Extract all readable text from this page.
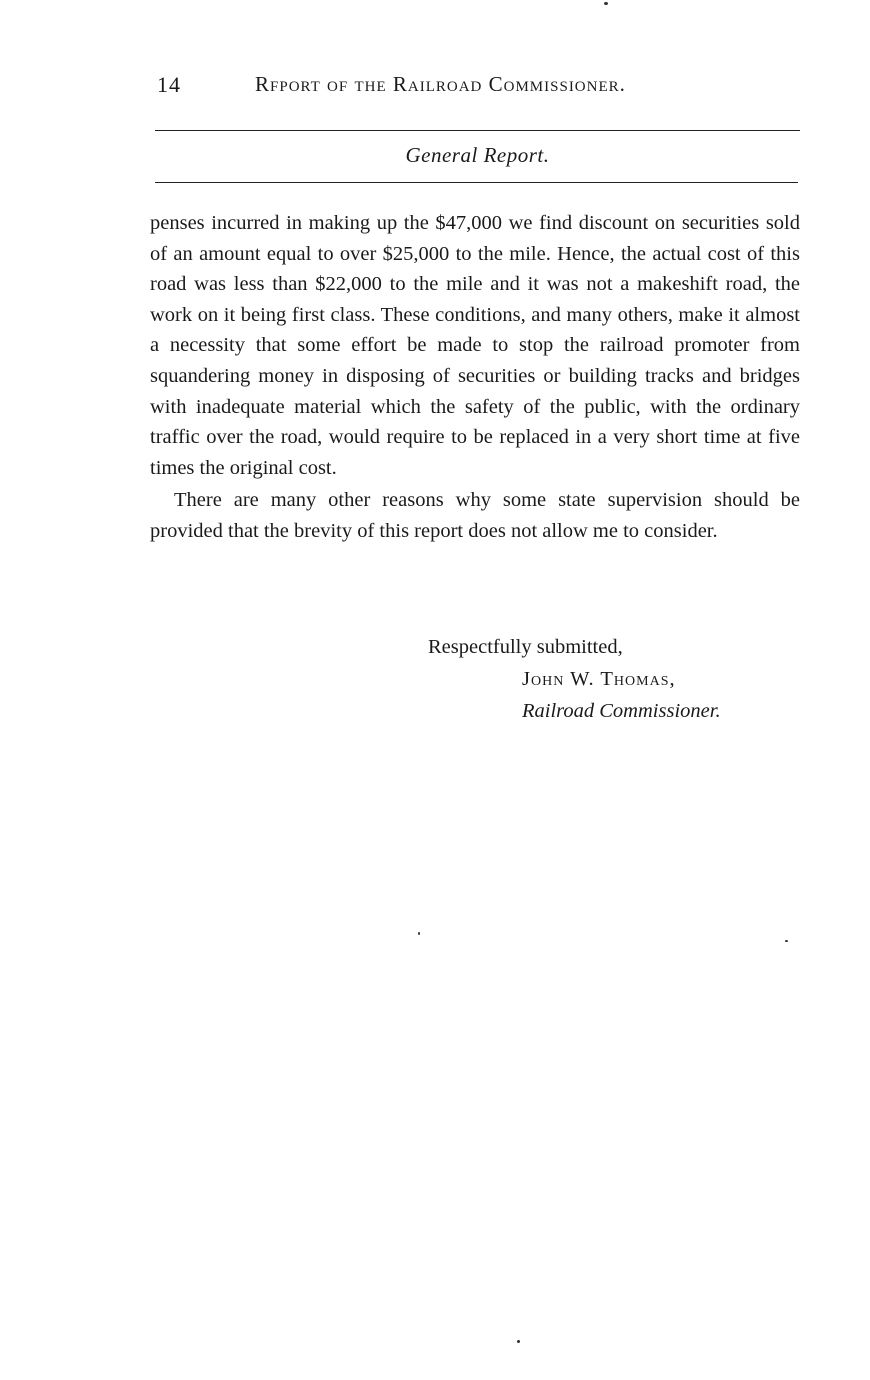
14	Rfport of the Railroad Commissioner.
General Report.

penses incurred in making up the $47,000 we find discount on securities sold of an amount equal to over $25,000 to the mile. Hence, the actual cost of this road was less than $22,000 to the mile and it was not a makeshift road, the work on it being first class. These conditions, and many others, make it almost a necessity that some effort be made to stop the railroad promoter from squandering money in disposing of securities or building tracks and bridges with inadequate material which the safety of the public, with the ordinary traffic over the road, would require to be replaced in a very short time at five times the original cost.

There are many other reasons why some state supervision should be provided that the brevity of this report does not allow me to consider.

Respectfully submitted,
John W. Thomas,
Railroad Commissioner.
